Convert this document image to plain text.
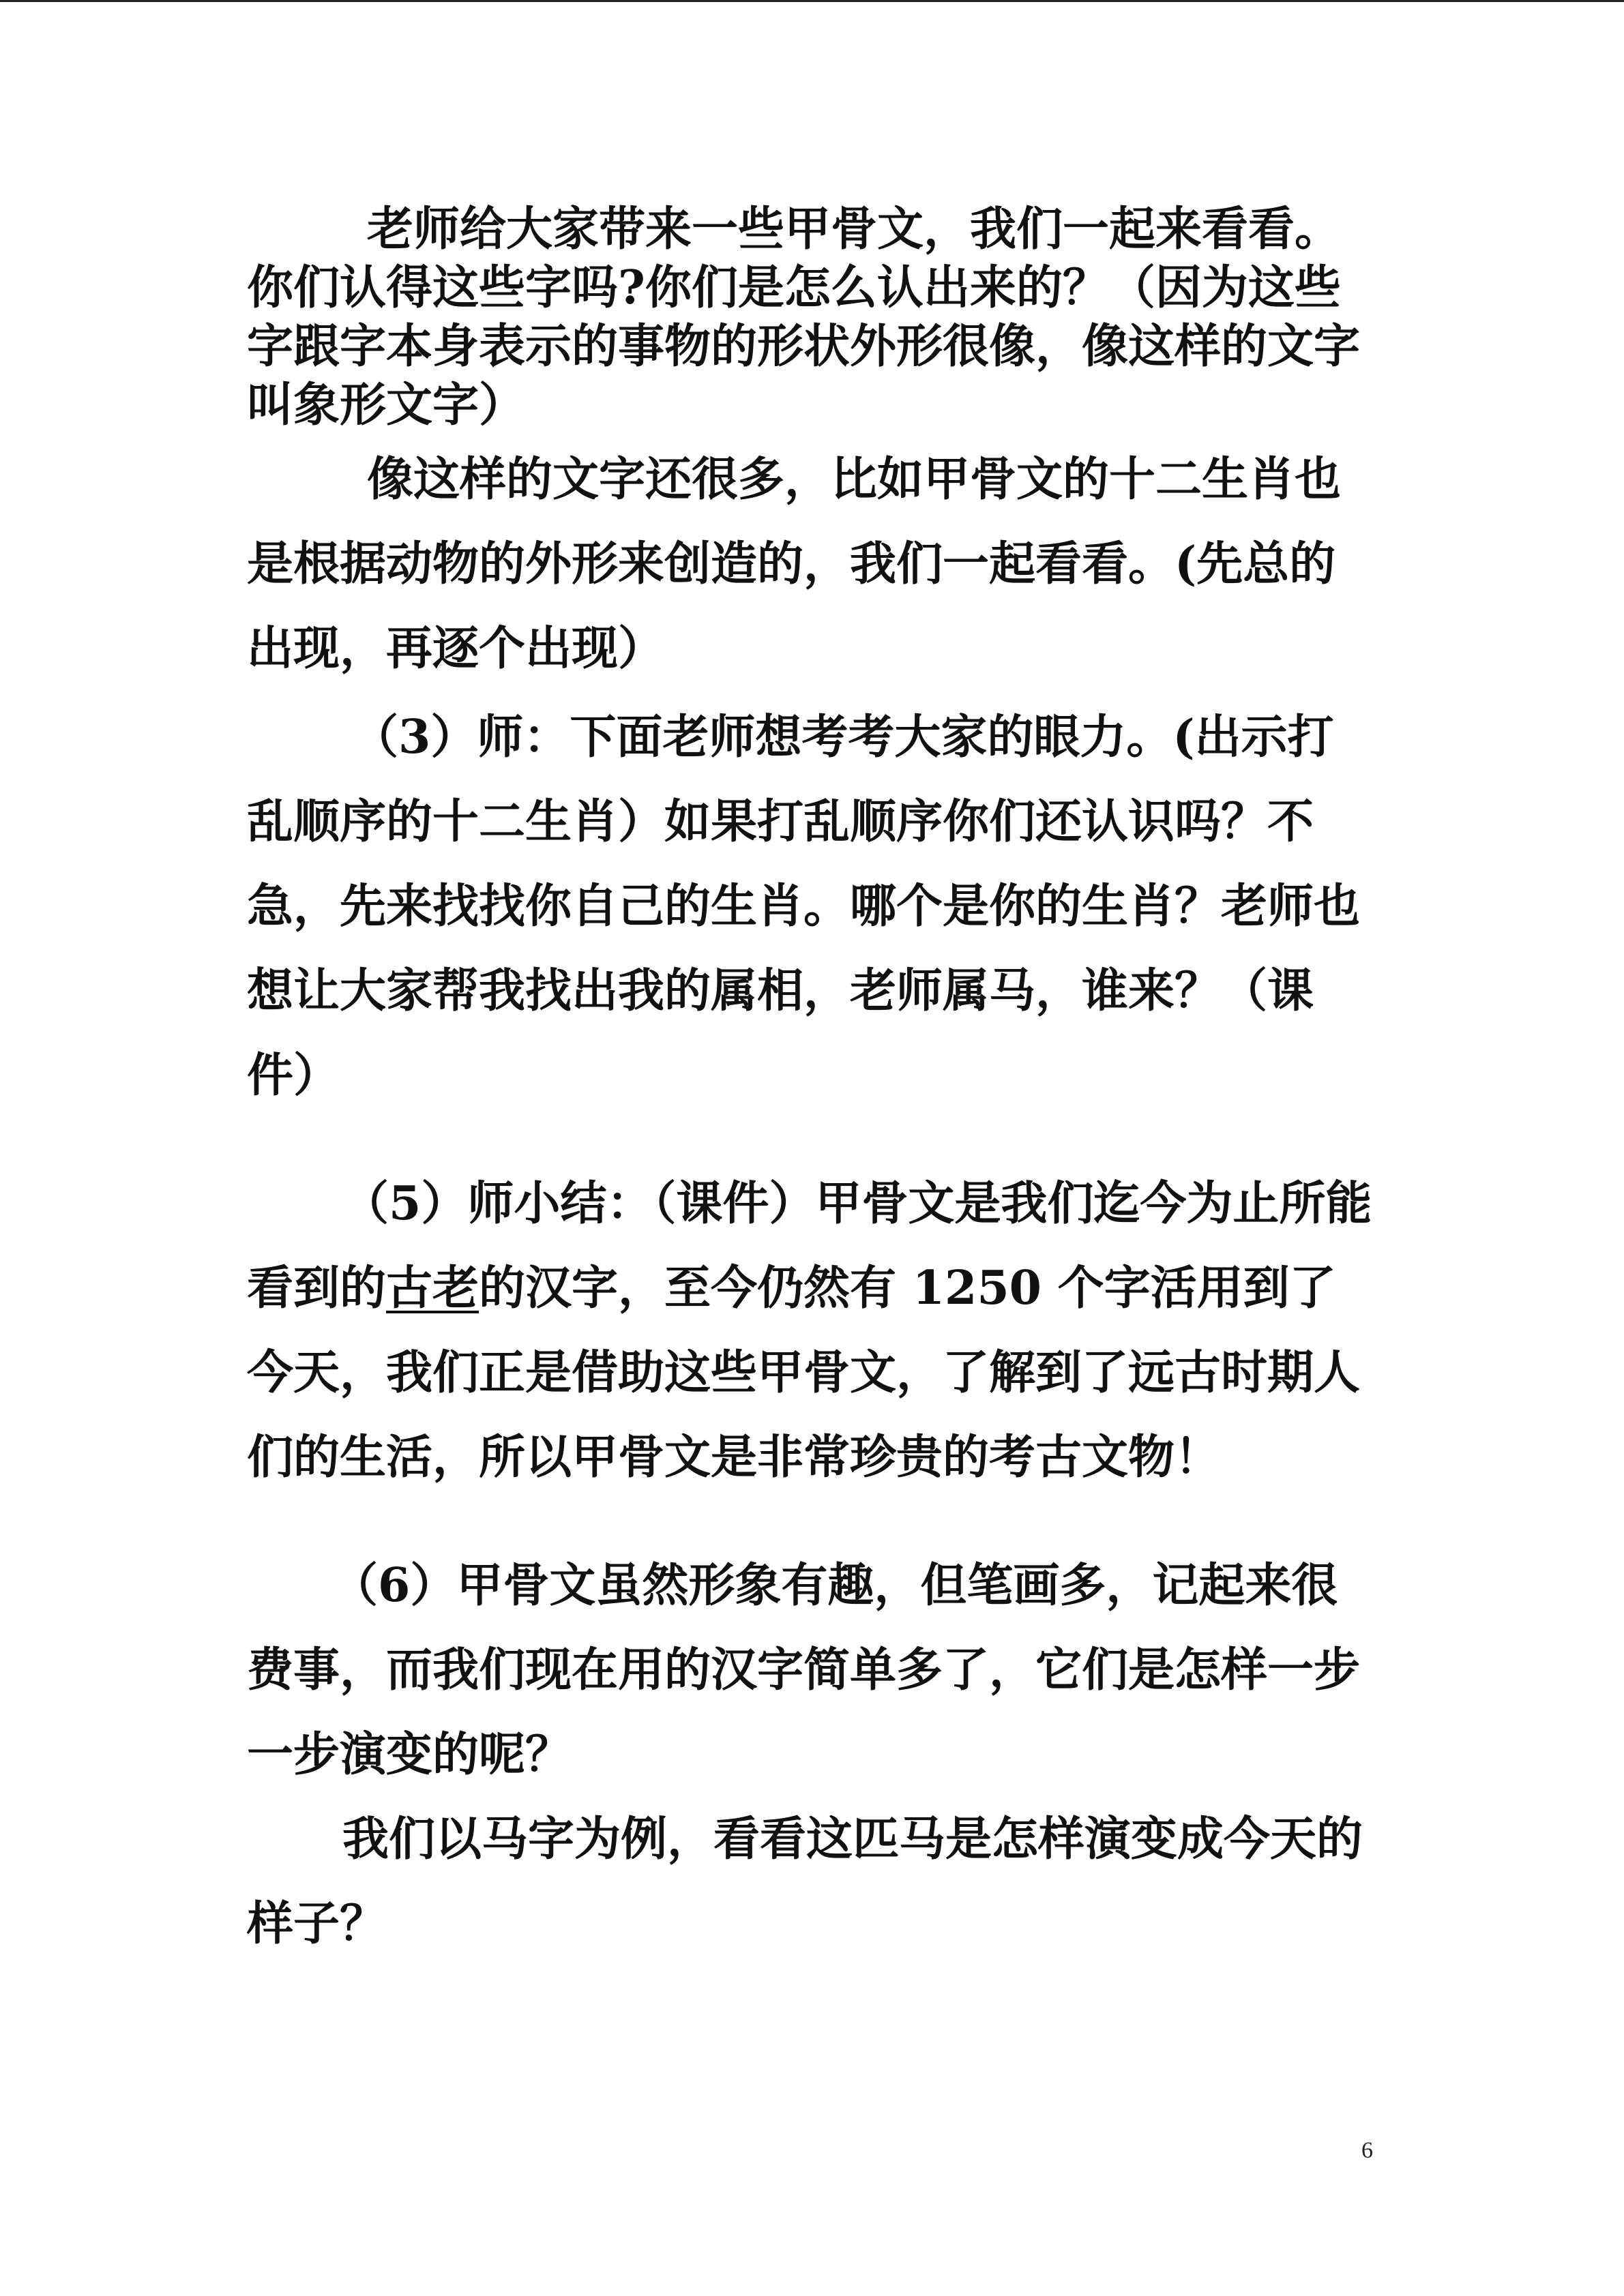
老师给大家带来一些甲骨文，我们一起来看看。你们认得这些字吗?你们是怎么认出来的？（因为这些字跟字本身表示的事物的形状外形很像，像这样的文字叫象形文字）

像这样的文字还很多，比如甲骨文的十二生肖也是根据动物的外形来创造的，我们一起看看。(先总的出现，再逐个出现）

（3）师：下面老师想考考大家的眼力。(出示打乱顺序的十二生肖）如果打乱顺序你们还认识吗？不急，先来找找你自己的生肖。哪个是你的生肖？老师也想让大家帮我找出我的属相，老师属马，谁来？（课件）

（5）师小结：（课件）甲骨文是我们迄今为止所能看到的古老的汉字，至今仍然有 1250 个字活用到了今天，我们正是借助这些甲骨文，了解到了远古时期人们的生活，所以甲骨文是非常珍贵的考古文物！

（6）甲骨文虽然形象有趣，但笔画多，记起来很费事，而我们现在用的汉字简单多了，它们是怎样一步一步演变的呢？

我们以马字为例，看看这匹马是怎样演变成今天的样子？

6
